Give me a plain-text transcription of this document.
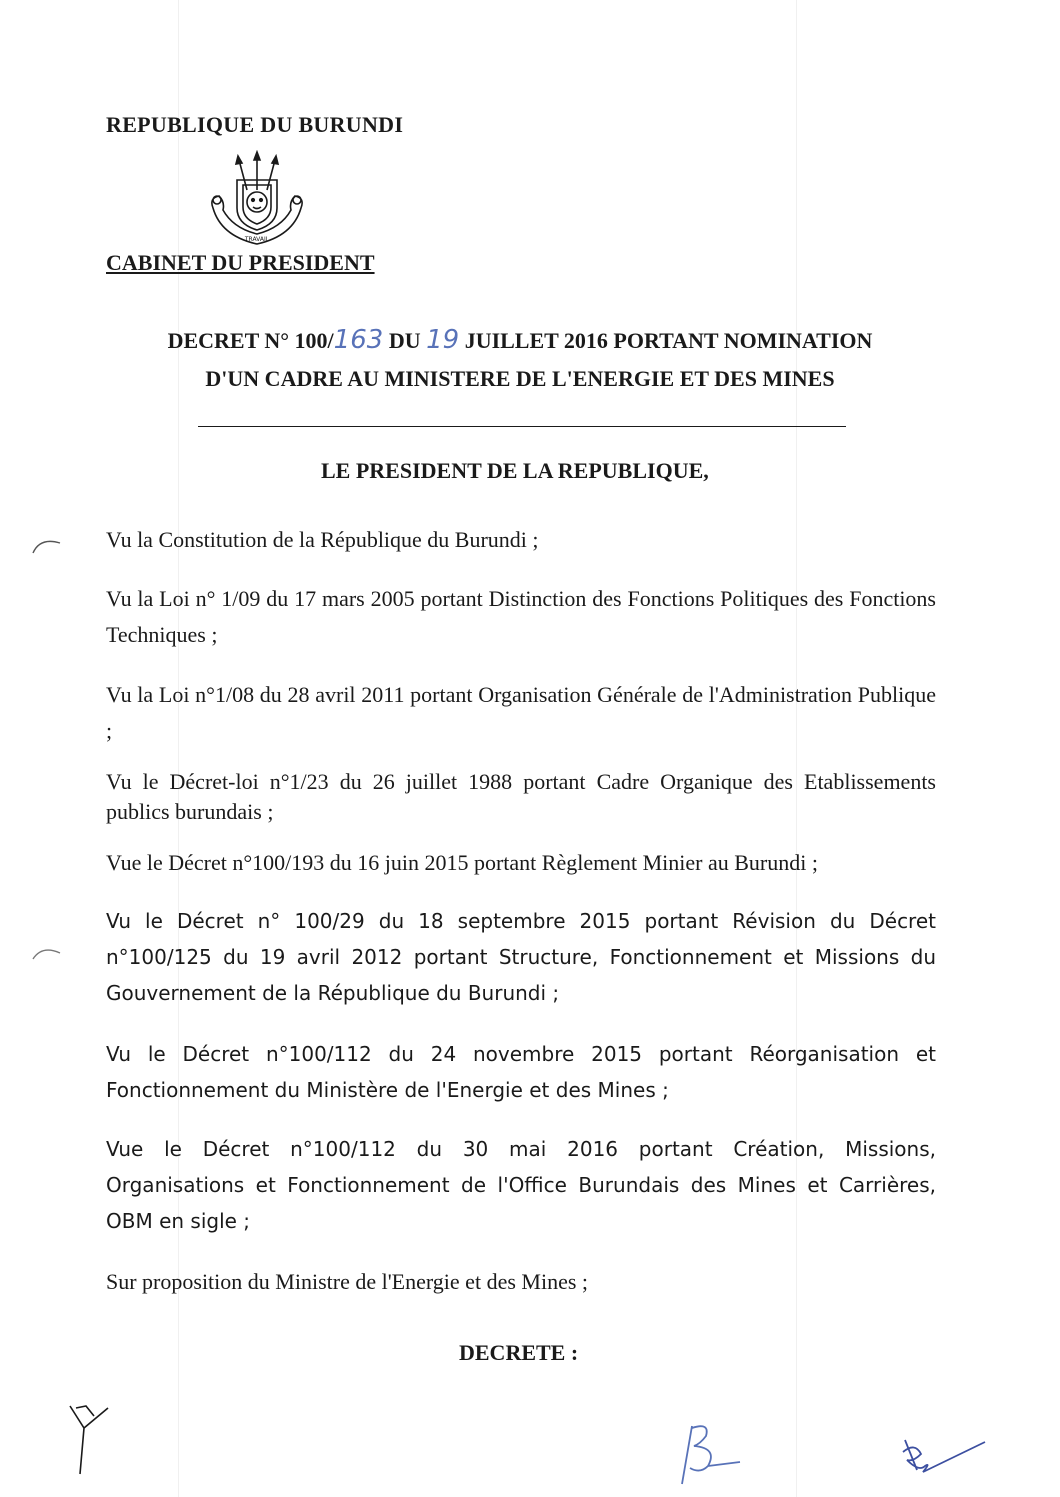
REPUBLIQUE DU BURUNDI
TRAVAIL
CABINET DU PRESIDENT
DECRET N° 100/163 DU 19 JUILLET 2016 PORTANT NOMINATION
D'UN CADRE AU MINISTERE DE L'ENERGIE ET DES MINES
LE PRESIDENT DE LA REPUBLIQUE,
Vu la Constitution de la République du Burundi ;
Vu la Loi n° 1/09 du 17 mars 2005 portant Distinction des Fonctions Politiques des Fonctions Techniques ;
Vu la Loi n°1/08 du 28 avril 2011 portant Organisation Générale de l'Administration Publique ;
Vu le Décret-loi n°1/23 du 26 juillet 1988 portant Cadre Organique des Etablissements publics burundais ;
Vue le Décret n°100/193 du 16 juin 2015 portant Règlement Minier au Burundi ;
Vu le Décret n° 100/29 du 18 septembre 2015 portant Révision du Décret n°100/125 du 19 avril 2012 portant Structure, Fonctionnement et Missions du Gouvernement de la République du Burundi ;
Vu le Décret n°100/112 du 24 novembre 2015 portant Réorganisation et Fonctionnement du Ministère de l'Energie et des Mines ;
Vue le Décret n°100/112 du 30 mai 2016 portant Création, Missions, Organisations et Fonctionnement de l'Office Burundais des Mines et Carrières, OBM en sigle ;
Sur proposition du Ministre de l'Energie et des Mines ;
DECRETE :
